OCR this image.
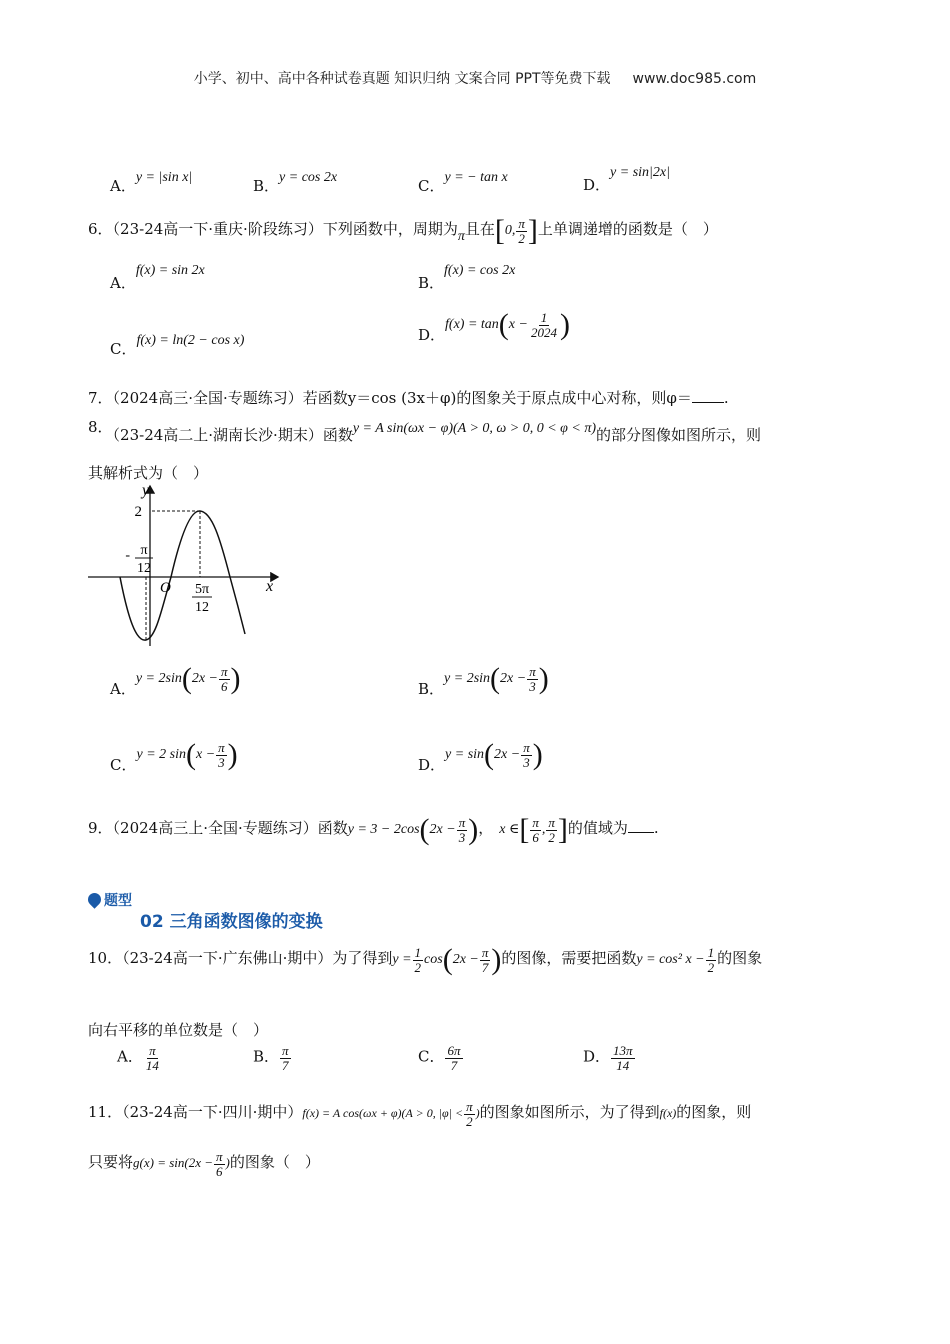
小学、初中、高中各种试卷真题 知识归纳 文案合同 PPT等免费下载 www.doc985.com
A．y = |sin x|	B．y = cos 2x	C．y = − tan x	D．y = sin|2x|
6．（23-24高一下·重庆·阶段练习）下列函数中，周期为π且在[0, $\frac{\pi}{2}$ ]上单调递增的函数是（　）
A．f(x) = sin 2x
B．f(x) = cos 2x
C．f(x) = ln(2 − cos x)	D．$f(x) = \tan(x - \frac{1}{2024}$ )
7．（2024高三·全国·专题练习）若函数y＝cos (3x＋φ)的图象关于原点成中心对称，则φ＝ .
8．（23-24高二上·湖南长沙·期末）函数y = A sin(ωx − φ)(A > 0, ω > 0, 0 < φ < π)的部分图像如图所示，则
其解析式为（　）
y
x
O
2
- π
12
5π
12
A．$y = 2\sin(2x - \frac{\pi}{6}$ )	B．$y = 2\sin(2x - \frac{\pi}{3}$ )
C．y = 2 $\sin(x - \frac{\pi}{3}$ )	D．$y = \sin(2x - \frac{\pi}{3}$ )
9．（2024高三上·全国·专题练习）函数$y = 3 - 2\cos(2x - \frac{\pi}{3}$ )， x ∈[ $\frac{\pi}{6}$ , $\frac{\pi}{2}$ ]的值域为 .
题型
02 三角函数图像的变换
10．（23-24高一下·广东佛山·期中）为了得到$y = \frac{1}{2} \cos(2x - \frac{\pi}{7}$ )的图像，需要把函数y = cos² $x - \frac{1}{2}$ 的图象
向右平移的单位数是（　）
A． $\frac{\pi}{14}$	B． $\frac{\pi}{7}$	C． $\frac{6\pi}{7}$	D． $\frac{13\pi}{14}$
11．（23-24高一下·四川·期中）f(x) = A cos(ωx + φ)(A > 0, $|\varphi| < \frac{\pi}{2}$ )的图象如图所示，为了得到f(x)的图象，则
只要将$g(x) = \sin(2x - \frac{\pi}{6}$ )的图象（　）
